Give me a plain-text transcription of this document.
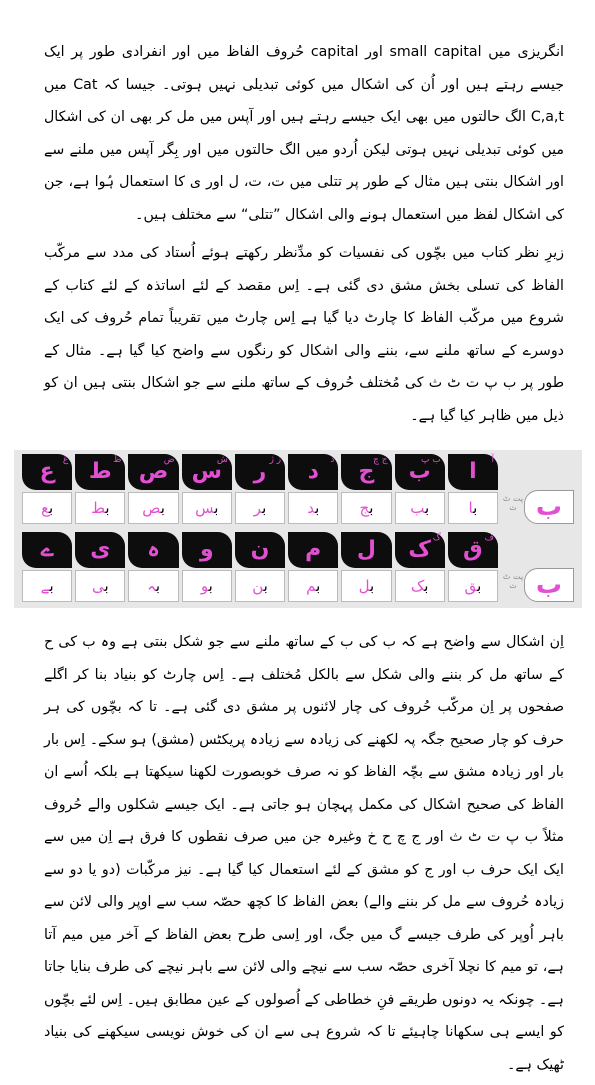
انگریزی میں small capital اور capital حُروف الفاظ میں اور انفرادی طور پر ایک جیسے رہتے ہیں اور اُن کی اشکال میں کوئی تبدیلی نہیں ہوتی۔ جیسا کہ Cat میں C,a,t الگ حالتوں میں بھی ایک جیسے رہتے ہیں اور آپس میں مل کر بھی ان کی اشکال میں کوئی تبدیلی نہیں ہوتی لیکن اُردو میں الگ حالتوں میں اور بِگر آپس میں ملنے سے اور اشکال بنتی ہیں مثال کے طور پر تتلی میں ت، ت، ل اور ی کا استعمال ہُوا ہے، جن کی اشکال لفظ میں استعمال ہونے والی اشکال ”تتلی“ سے مختلف ہیں۔

زیرِ نظر کتاب میں بچّوں کی نفسیات کو مدِّنظر رکھتے ہوئے اُستاد کی مدد سے مرکّب الفاظ کی تسلی بخش مشق دی گئی ہے۔ اِس مقصد کے لئے اساتذہ کے لئے کتاب کے شروع میں مرکّب الفاظ کا چارٹ دیا گیا ہے اِس چارٹ میں تقریباً تمام حُروف کی ایک دوسرے کے ساتھ ملنے سے، بننے والی اشکال کو رنگوں سے واضح کیا گیا ہے۔ مثال کے طور پر ب پ ت ٹ ث کی مُختلف حُروف کے ساتھ ملنے سے جو اشکال بنتی ہیں ان کو ذیل میں ظاہر کیا گیا ہے۔

ب
پت ٹ ث
آ
ا
با
ب پ
ب
بب
ج چ
ج
بج
ذ
د
بد
ز ژ
ر
بر
ش
س
بس
ض
ص
بص
ظ
ط
بط
غ
ع
بع
ب
پت ٹ ث
ف
ق
بق
گ
ک
بک
ل
بل
م
بم
ن
بن
و
بو
ہ
بہ
ی
بی
ے
بے

اِن اشکال سے واضح ہے کہ ب کی ب کے ساتھ ملنے سے جو شکل بنتی ہے وہ ب کی ح کے ساتھ مل کر بننے والی شکل سے بالکل مُختلف ہے۔ اِس چارٹ کو بنیاد بنا کر اگلے صفحوں پر اِن مرکّب حُروف کی چار لائنوں پر مشق دی گئی ہے۔ تا کہ بچّوں کی ہر حرف کو چار صحیح جگہ پہ لکھنے کی زیادہ سے زیادہ پریکٹس (مشق) ہو سکے۔ اِس بار بار اور زیادہ مشق سے بچّہ الفاظ کو نہ صرف خوبصورت لکھنا سیکھتا ہے بلکہ اُسے ان الفاظ کی صحیح اشکال کی مکمل پہچان ہو جاتی ہے۔ ایک جیسے شکلوں والے حُروف مثلاً ب پ ت ٹ ث اور ج چ ح خ وغیرہ جن میں صرف نقطوں کا فرق ہے اِن میں سے ایک ایک حرف ب اور ج کو مشق کے لئے استعمال کیا گیا ہے۔ نیز مرکّبات (دو یا دو سے زیادہ حُروف سے مل کر بننے والے) بعض الفاظ کا کچھ حصّہ سب سے اوپر والی لائن سے باہر اُوپر کی طرف جیسے گ میں جگ، اور اِسی طرح بعض الفاظ کے آخر میں میم آتا ہے، تو میم کا نچلا آخری حصّہ سب سے نیچے والی لائن سے باہر نیچے کی طرف بنایا جاتا ہے۔ چونکہ یہ دونوں طریقے فنِ خطاطی کے اُصولوں کے عین مطابق ہیں۔ اِس لئے بچّوں کو ایسے ہی سکھانا چاہیئے تا کہ شروع ہی سے ان کی خوش نویسی سیکھنے کی بنیاد ٹھیک ہے۔
